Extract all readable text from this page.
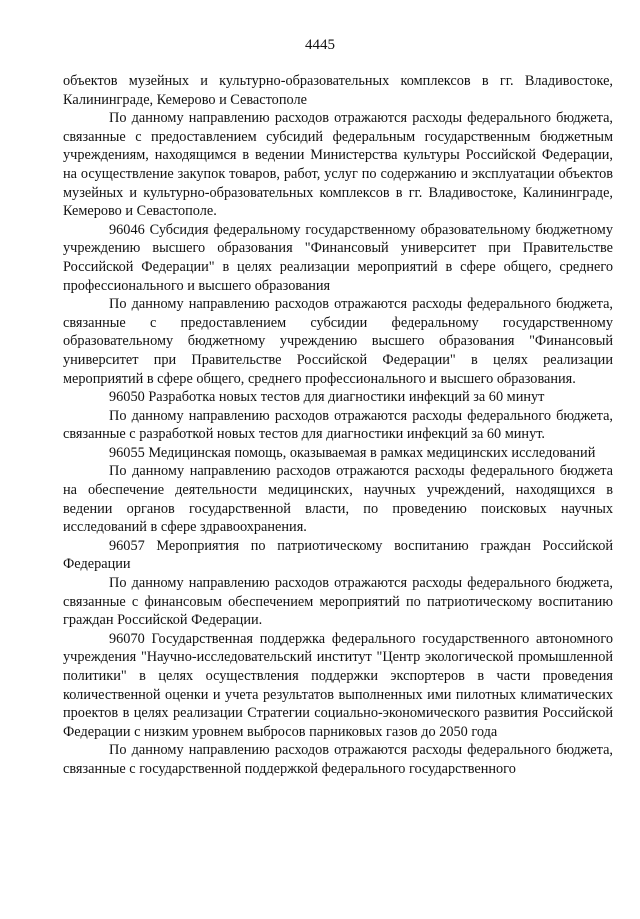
4445

объектов музейных и культурно-образовательных комплексов в гг. Владивостоке, Калининграде, Кемерово и Севастополе

По данному направлению расходов отражаются расходы федерального бюджета, связанные с предоставлением субсидий федеральным государственным бюджетным учреждениям, находящимся в ведении Министерства культуры Российской Федерации, на осуществление закупок товаров, работ, услуг по содержанию и эксплуатации объектов музейных и культурно-образовательных комплексов в гг. Владивостоке, Калининграде, Кемерово и Севастополе.

96046 Субсидия федеральному государственному образовательному бюджетному учреждению высшего образования "Финансовый университет при Правительстве Российской Федерации" в целях реализации мероприятий в сфере общего, среднего профессионального и высшего образования

По данному направлению расходов отражаются расходы федерального бюджета, связанные с предоставлением субсидии федеральному государственному образовательному бюджетному учреждению высшего образования "Финансовый университет при Правительстве Российской Федерации" в целях реализации мероприятий в сфере общего, среднего профессионального и высшего образования.

96050 Разработка новых тестов для диагностики инфекций за 60 минут

По данному направлению расходов отражаются расходы федерального бюджета, связанные с разработкой новых тестов для диагностики инфекций за 60 минут.

96055 Медицинская помощь, оказываемая в рамках медицинских исследований

По данному направлению расходов отражаются расходы федерального бюджета на обеспечение деятельности медицинских, научных учреждений, находящихся в ведении органов государственной власти, по проведению поисковых научных исследований в сфере здравоохранения.

96057 Мероприятия по патриотическому воспитанию граждан Российской Федерации

По данному направлению расходов отражаются расходы федерального бюджета, связанные с финансовым обеспечением мероприятий по патриотическому воспитанию граждан Российской Федерации.

96070 Государственная поддержка федерального государственного автономного учреждения "Научно-исследовательский институт "Центр экологической промышленной политики" в целях осуществления поддержки экспортеров в части проведения количественной оценки и учета результатов выполненных ими пилотных климатических проектов в целях реализации Стратегии социально-экономического развития Российской Федерации с низким уровнем выбросов парниковых газов до 2050 года

По данному направлению расходов отражаются расходы федерального бюджета, связанные с государственной поддержкой федерального государственного
